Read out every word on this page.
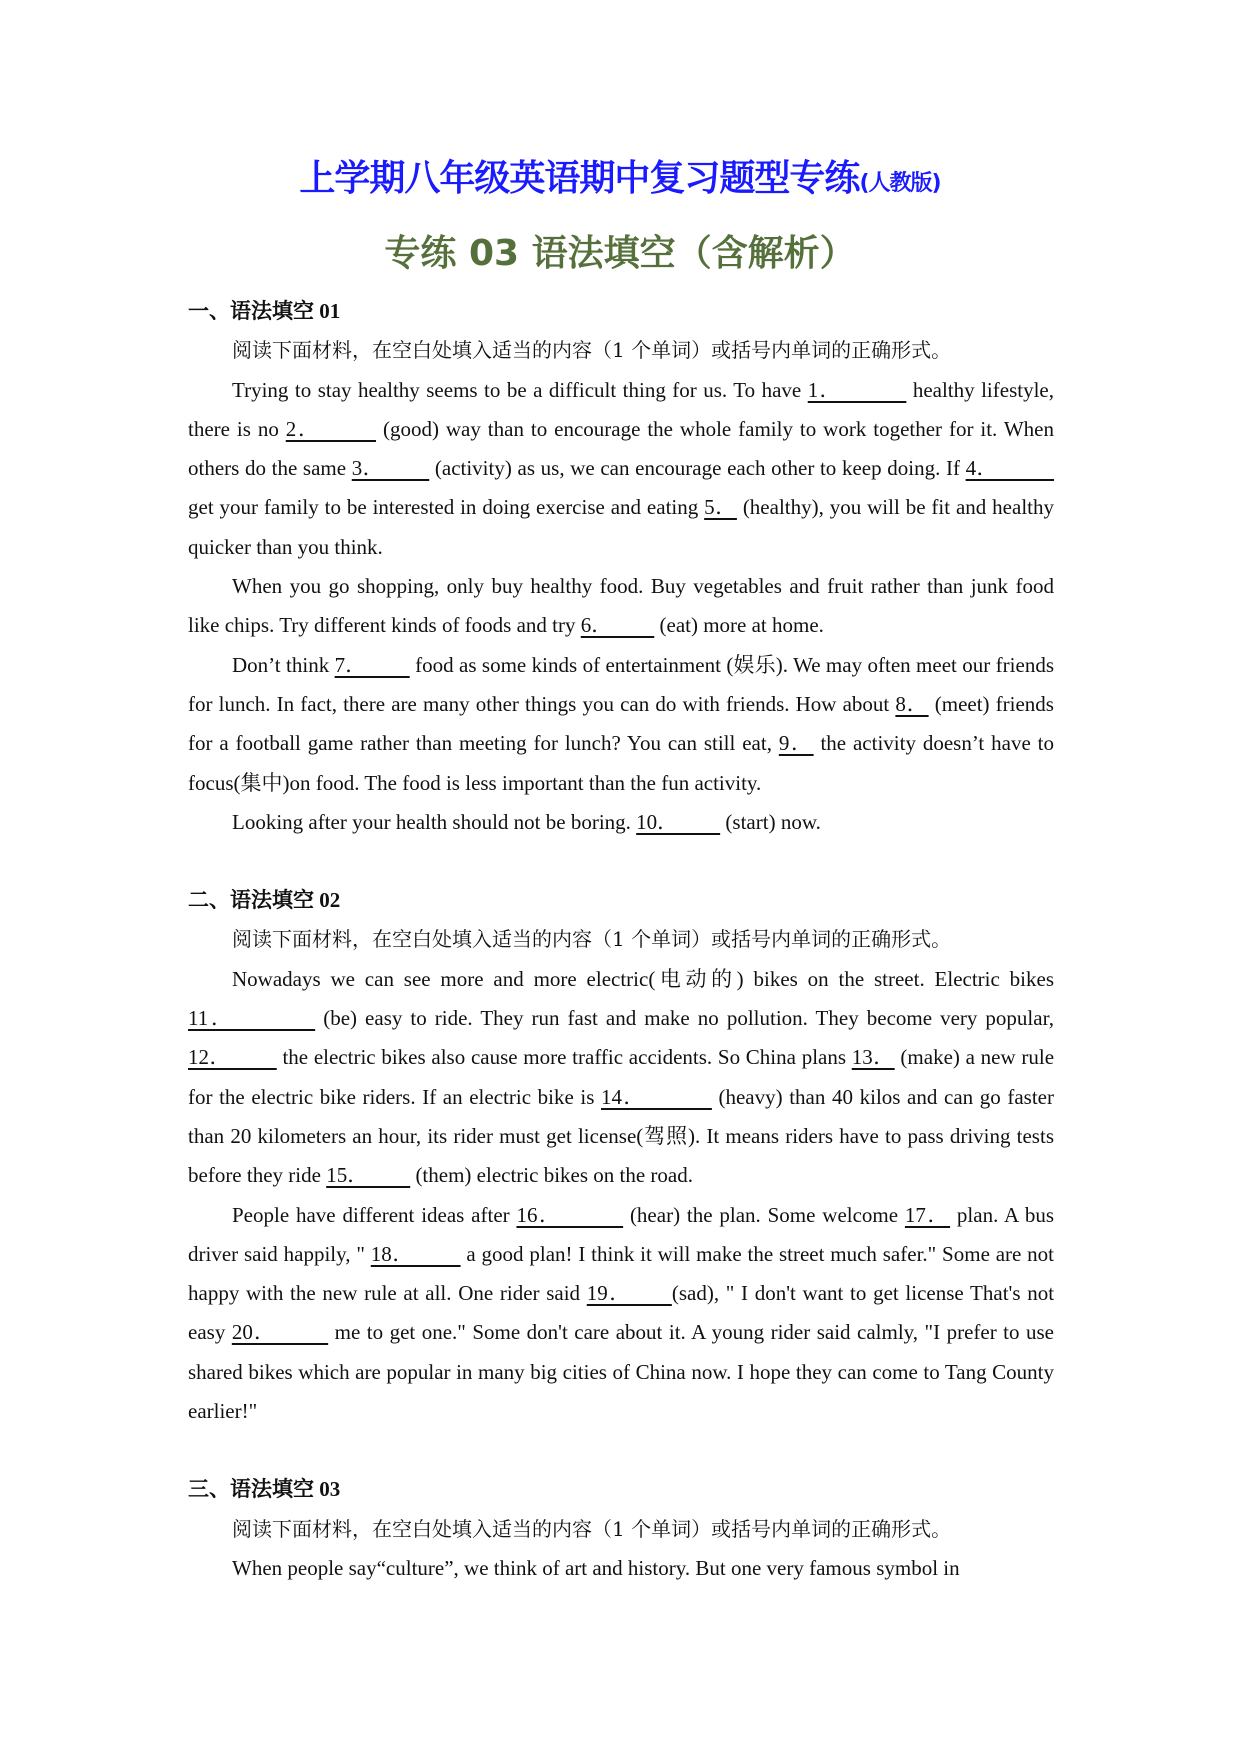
上学期八年级英语期中复习题型专练(人教版)
专练 03 语法填空（含解析）
一、语法填空 01

阅读下面材料，在空白处填入适当的内容（1 个单词）或括号内单词的正确形式。

Trying to stay healthy seems to be a difficult thing for us. To have 1．           healthy lifestyle, there is no 2．         (good) way than to encourage the whole family to work together for it. When others do the same 3．         (activity) as us, we can encourage each other to keep doing. If 4．           get your family to be interested in doing exercise and eating 5． (healthy), you will be fit and healthy quicker than you think.

When you go shopping, only buy healthy food. Buy vegetables and fruit rather than junk food like chips. Try different kinds of foods and try 6．         (eat) more at home.

Don’t think 7．         food as some kinds of entertainment (娱乐). We may often meet our friends for lunch. In fact, there are many other things you can do with friends. How about 8． (meet) friends for a football game rather than meeting for lunch? You can still eat, 9． the activity doesn’t have to focus(集中)on food. The food is less important than the fun activity.

Looking after your health should not be boring. 10．         (start) now.

二、语法填空 02

阅读下面材料，在空白处填入适当的内容（1 个单词）或括号内单词的正确形式。

Nowadays we can see more and more electric(电动的) bikes on the street. Electric bikes 11．           (be) easy to ride. They run fast and make no pollution. They become very popular, 12．         the electric bikes also cause more traffic accidents. So China plans 13． (make) a new rule for the electric bike riders. If an electric bike is 14．           (heavy) than 40 kilos and can go faster than 20 kilometers an hour, its rider must get license(驾照). It means riders have to pass driving tests before they ride 15．         (them) electric bikes on the road.

People have different ideas after 16．          (hear) the plan. Some welcome 17． plan. A bus driver said happily, " 18．         a good plan! I think it will make the street much safer." Some are not happy with the new rule at all. One rider said 19．      (sad), " I don't want to get license That's not easy 20．         me to get one." Some don't care about it. A young rider said calmly, "I prefer to use shared bikes which are popular in many big cities of China now. I hope they can come to Tang County earlier!"

三、语法填空 03

阅读下面材料，在空白处填入适当的内容（1 个单词）或括号内单词的正确形式。

When people say“culture”, we think of art and history. But one very famous symbol in
